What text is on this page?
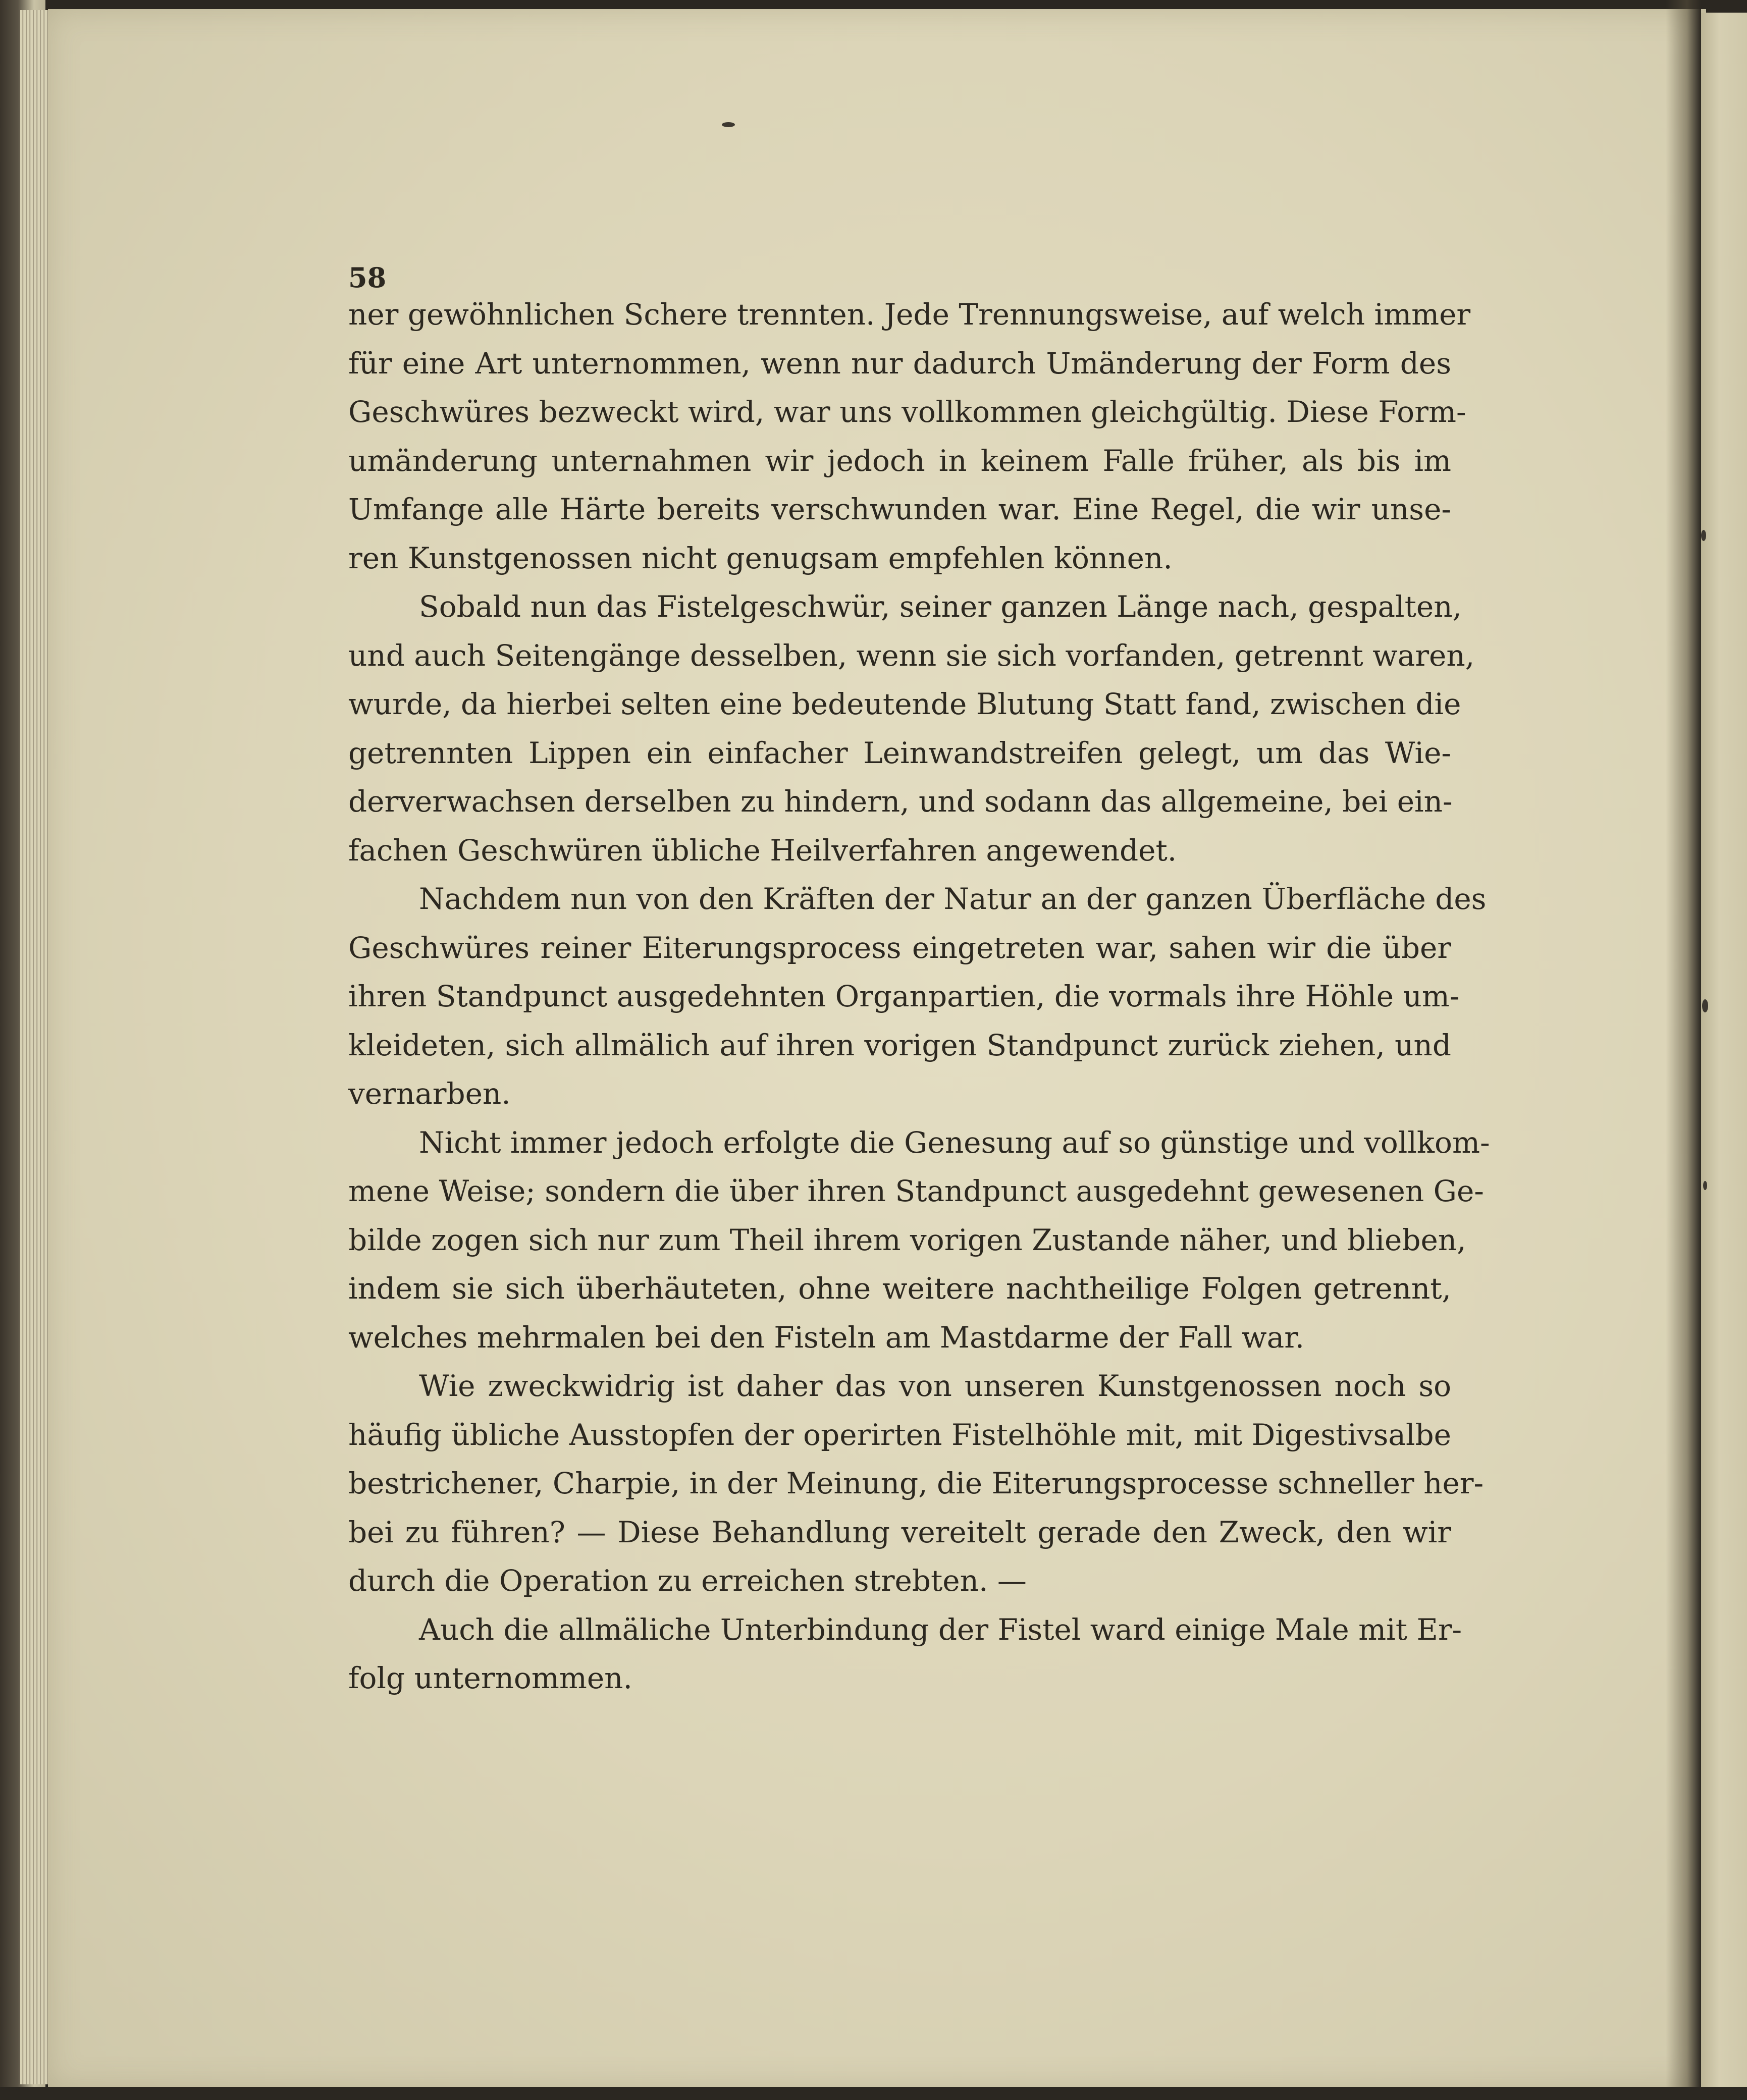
58
ner gewöhnlichen Schere trennten. Jede Trennungsweise, auf welch immer
für eine Art unternommen, wenn nur dadurch Umänderung der Form des
Geschwüres bezweckt wird, war uns vollkommen gleichgültig. Diese Form-
umänderung unternahmen wir jedoch in keinem Falle früher, als bis im
Umfange alle Härte bereits verschwunden war. Eine Regel, die wir unse-
ren Kunstgenossen nicht genugsam empfehlen können.
Sobald nun das Fistelgeschwür, seiner ganzen Länge nach, gespalten,
und auch Seitengänge desselben, wenn sie sich vorfanden, getrennt waren,
wurde, da hierbei selten eine bedeutende Blutung Statt fand, zwischen die
getrennten Lippen ein einfacher Leinwandstreifen gelegt, um das Wie-
derverwachsen derselben zu hindern, und sodann das allgemeine, bei ein-
fachen Geschwüren übliche Heilverfahren angewendet.
Nachdem nun von den Kräften der Natur an der ganzen Überfläche des
Geschwüres reiner Eiterungsprocess eingetreten war, sahen wir die über
ihren Standpunct ausgedehnten Organpartien, die vormals ihre Höhle um-
kleideten, sich allmälich auf ihren vorigen Standpunct zurück ziehen, und
vernarben.
Nicht immer jedoch erfolgte die Genesung auf so günstige und vollkom-
mene Weise; sondern die über ihren Standpunct ausgedehnt gewesenen Ge-
bilde zogen sich nur zum Theil ihrem vorigen Zustande näher, und blieben,
indem sie sich überhäuteten, ohne weitere nachtheilige Folgen getrennt,
welches mehrmalen bei den Fisteln am Mastdarme der Fall war.
Wie zweckwidrig ist daher das von unseren Kunstgenossen noch so
häufig übliche Ausstopfen der operirten Fistelhöhle mit, mit Digestivsalbe
bestrichener, Charpie, in der Meinung, die Eiterungsprocesse schneller her-
bei zu führen? — Diese Behandlung vereitelt gerade den Zweck, den wir
durch die Operation zu erreichen strebten. —
Auch die allmäliche Unterbindung der Fistel ward einige Male mit Er-
folg unternommen.
